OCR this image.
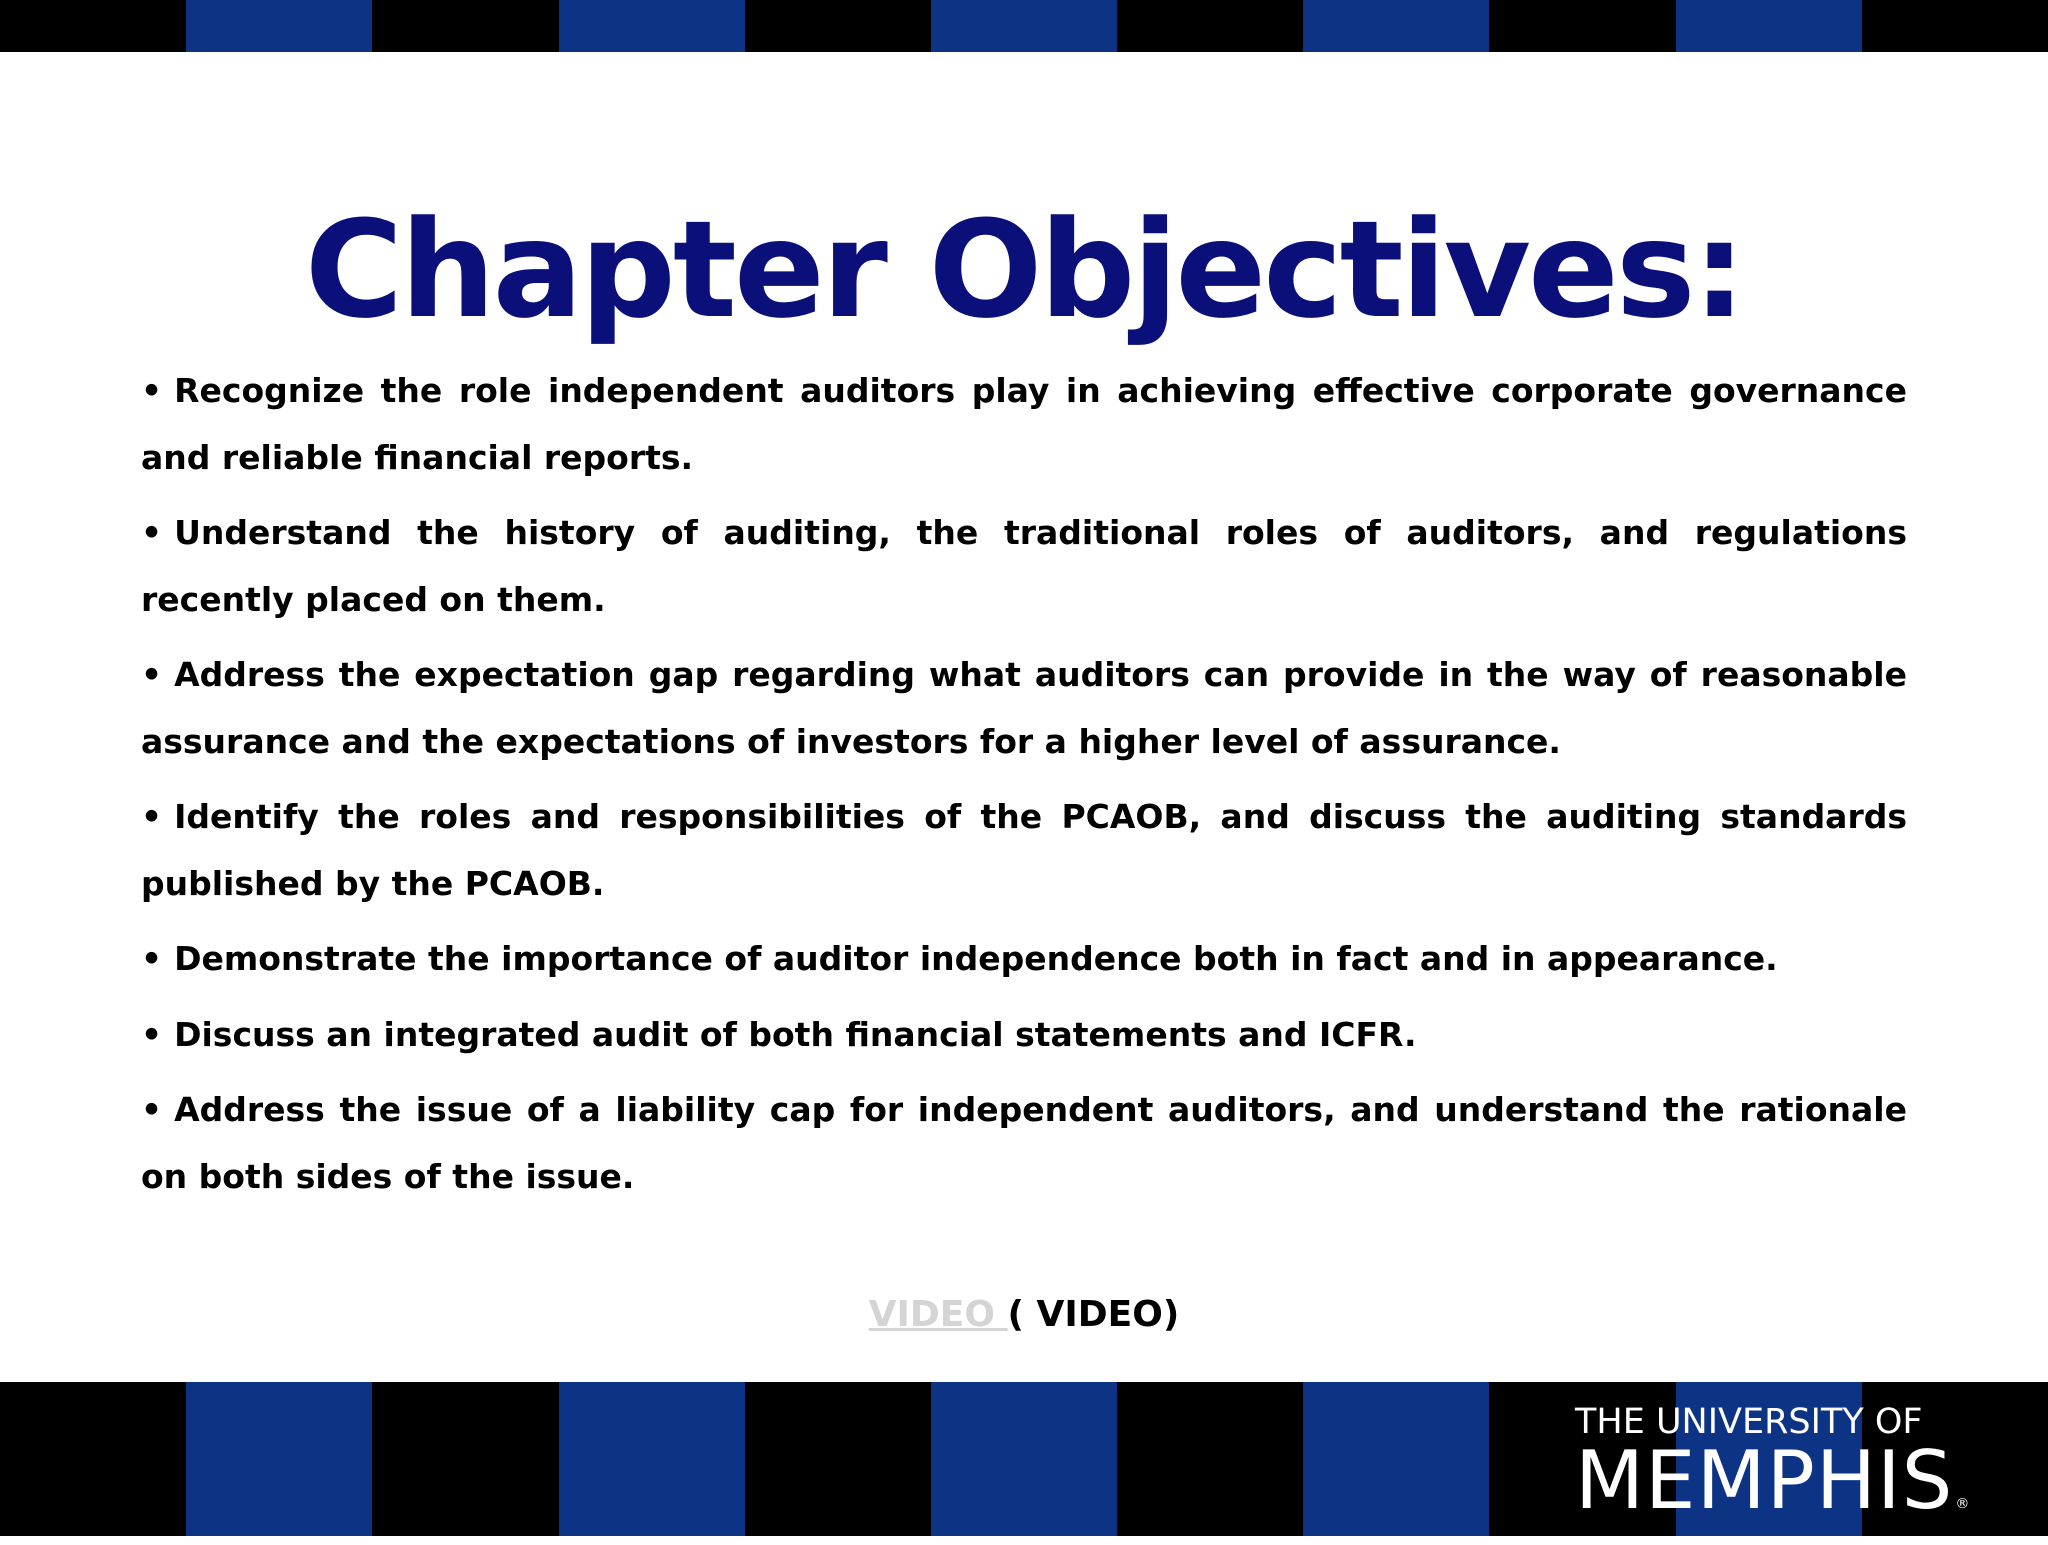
Chapter Objectives:
• Recognize the role independent auditors play in achieving effective corporate governance and reliable financial reports.
• Understand the history of auditing, the traditional roles of auditors, and regulations recently placed on them.
• Address the expectation gap regarding what auditors can provide in the way of reasonable assurance and the expectations of investors for a higher level of assurance.
• Identify the roles and responsibilities of the PCAOB, and discuss the auditing standards published by the PCAOB.
• Demonstrate the importance of auditor independence both in fact and in appearance.
• Discuss an integrated audit of both financial statements and ICFR.
• Address the issue of a liability cap for independent auditors, and understand the rationale on both sides of the issue.
VIDEO ( VIDEO)
THE UNIVERSITY OF
MEMPHIS ®
